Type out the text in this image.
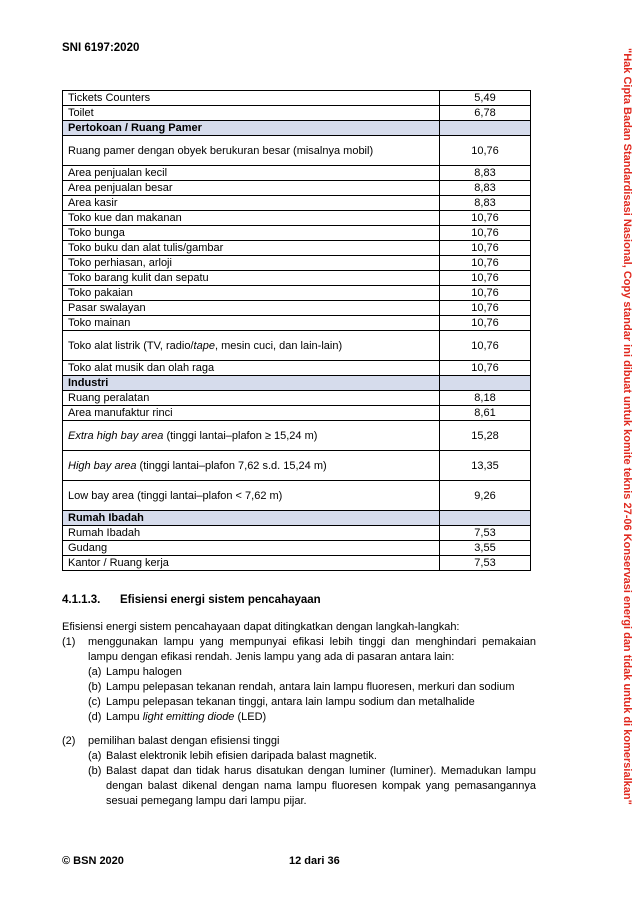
SNI 6197:2020	"Hak Cipta Badan Standardisasi Nasional, Copy standar ini dibuat untuk komite teknis 27-06 Konservasi energi dan tidak untuk di komersialkan"
Tickets Counters	5,49
Toilet	6,78
Pertokoan / Ruang Pamer	
Ruang pamer dengan obyek berukuran besar (misalnya mobil)	10,76
Area penjualan kecil	8,83
Area penjualan besar	8,83
Area kasir	8,83
Toko kue dan makanan	10,76
Toko bunga	10,76
Toko buku dan alat tulis/gambar	10,76
Toko perhiasan, arloji	10,76
Toko barang kulit dan sepatu	10,76
Toko pakaian	10,76
Pasar swalayan	10,76
Toko mainan	10,76
Toko alat listrik (TV, radio/tape, mesin cuci, dan lain-lain)	10,76
Toko alat musik dan olah raga	10,76
Industri	
Ruang peralatan	8,18
Area manufaktur rinci	8,61
Extra high bay area (tinggi lantai–plafon ≥ 15,24 m)	15,28
High bay area (tinggi lantai–plafon 7,62 s.d. 15,24 m)	13,35
Low bay area (tinggi lantai–plafon < 7,62 m)	9,26
Rumah Ibadah	
Rumah Ibadah	7,53
Gudang	3,55
Kantor / Ruang kerja	7,53
4.1.1.3. Efisiensi energi sistem pencahayaan

Efisiensi energi sistem pencahayaan dapat ditingkatkan dengan langkah-langkah:

(1)	menggunakan lampu yang mempunyai efikasi lebih tinggi dan menghindari pemakaian lampu dengan efikasi rendah. Jenis lampu yang ada di pasaran antara lain:
(a) Lampu halogen
(b) Lampu pelepasan tekanan rendah, antara lain lampu fluoresen, merkuri dan sodium
(c) Lampu pelepasan tekanan tinggi, antara lain lampu sodium dan metalhalide
(d) Lampu light emitting diode (LED)
(2)	pemilihan balast dengan efisiensi tinggi
(a) Balast elektronik lebih efisien daripada balast magnetik.
(b) Balast dapat dan tidak harus disatukan dengan luminer (luminer). Memadukan lampu dengan balast dikenal dengan nama lampu fluoresen kompak yang pemasangannya sesuai pemegang lampu dari lampu pijar.
© BSN 2020	12 dari 36
